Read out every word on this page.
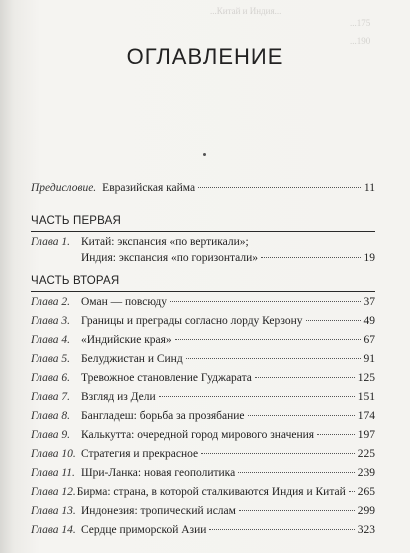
...Китай и Индия...
...175
...190
ОГЛАВЛЕНИЕ
Предисловие. Евразийская кайма	11
ЧАСТЬ ПЕРВАЯ
Глава 1. Китай: экспансия «по вертикали»;
Индия: экспансия «по горизонтали»	19
ЧАСТЬ ВТОРАЯ
Глава 2. Оман — повсюду	37
Глава 3. Границы и преграды согласно лорду Керзону	49
Глава 4. «Индийские края»	67
Глава 5. Белуджистан и Синд	91
Глава 6. Тревожное становление Гуджарата	125
Глава 7. Взгляд из Дели	151
Глава 8. Бангладеш: борьба за прозябание	174
Глава 9. Калькутта: очередной город мирового значения	197
Глава 10. Стратегия и прекрасное	225
Глава 11. Шри-Ланка: новая геополитика	239
Глава 12. Бирма: страна, в которой сталкиваются Индия и Китай 265
Глава 13. Индонезия: тропический ислам	299
Глава 14. Сердце приморской Азии	323
